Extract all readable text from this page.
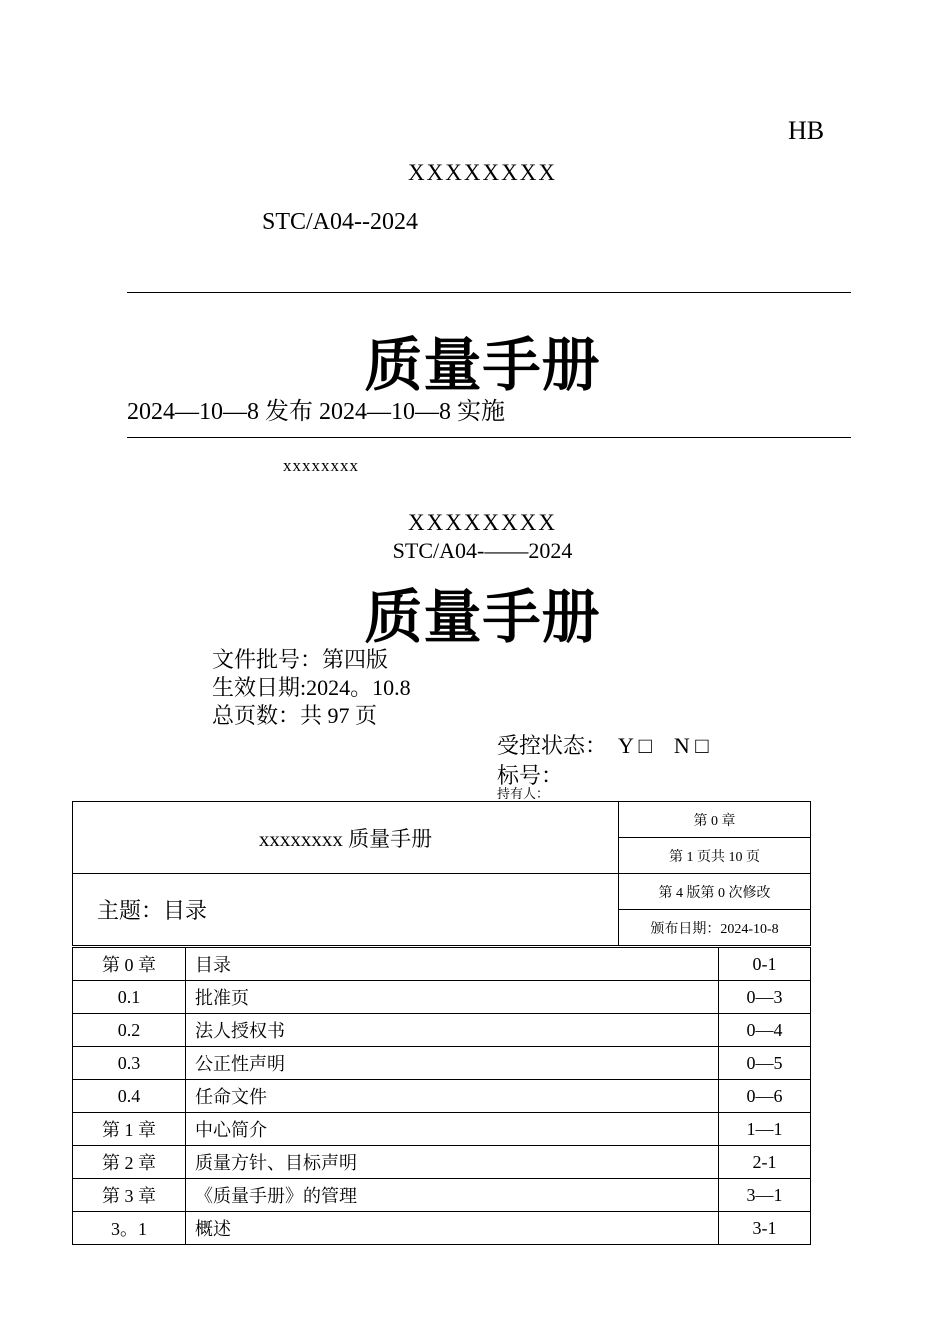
HB
XXXXXXXX
STC/A04--2024
质量手册
2024—10—8 发布 2024—10—8 实施
xxxxxxxx
XXXXXXXX
STC/A04-——2024
质量手册
文件批号：第四版
生效日期:2024。10.8
总页数：共 97 页
受控状态：　Y □　N □
标号：
持有人：
xxxxxxxx 质量手册	第 0 章
	第 1 页共 10 页
主题：目录	第 4 版第 0 次修改
	颁布日期：2024-10-8
第 0 章	目录	0-1
0.1	批准页	0—3
0.2	法人授权书	0—4
0.3	公正性声明	0—5
0.4	任命文件	0—6
第 1 章	中心简介	1—1
第 2 章	质量方针、目标声明	2-1
第 3 章	《质量手册》的管理	3—1
3。1	概述	3-1
